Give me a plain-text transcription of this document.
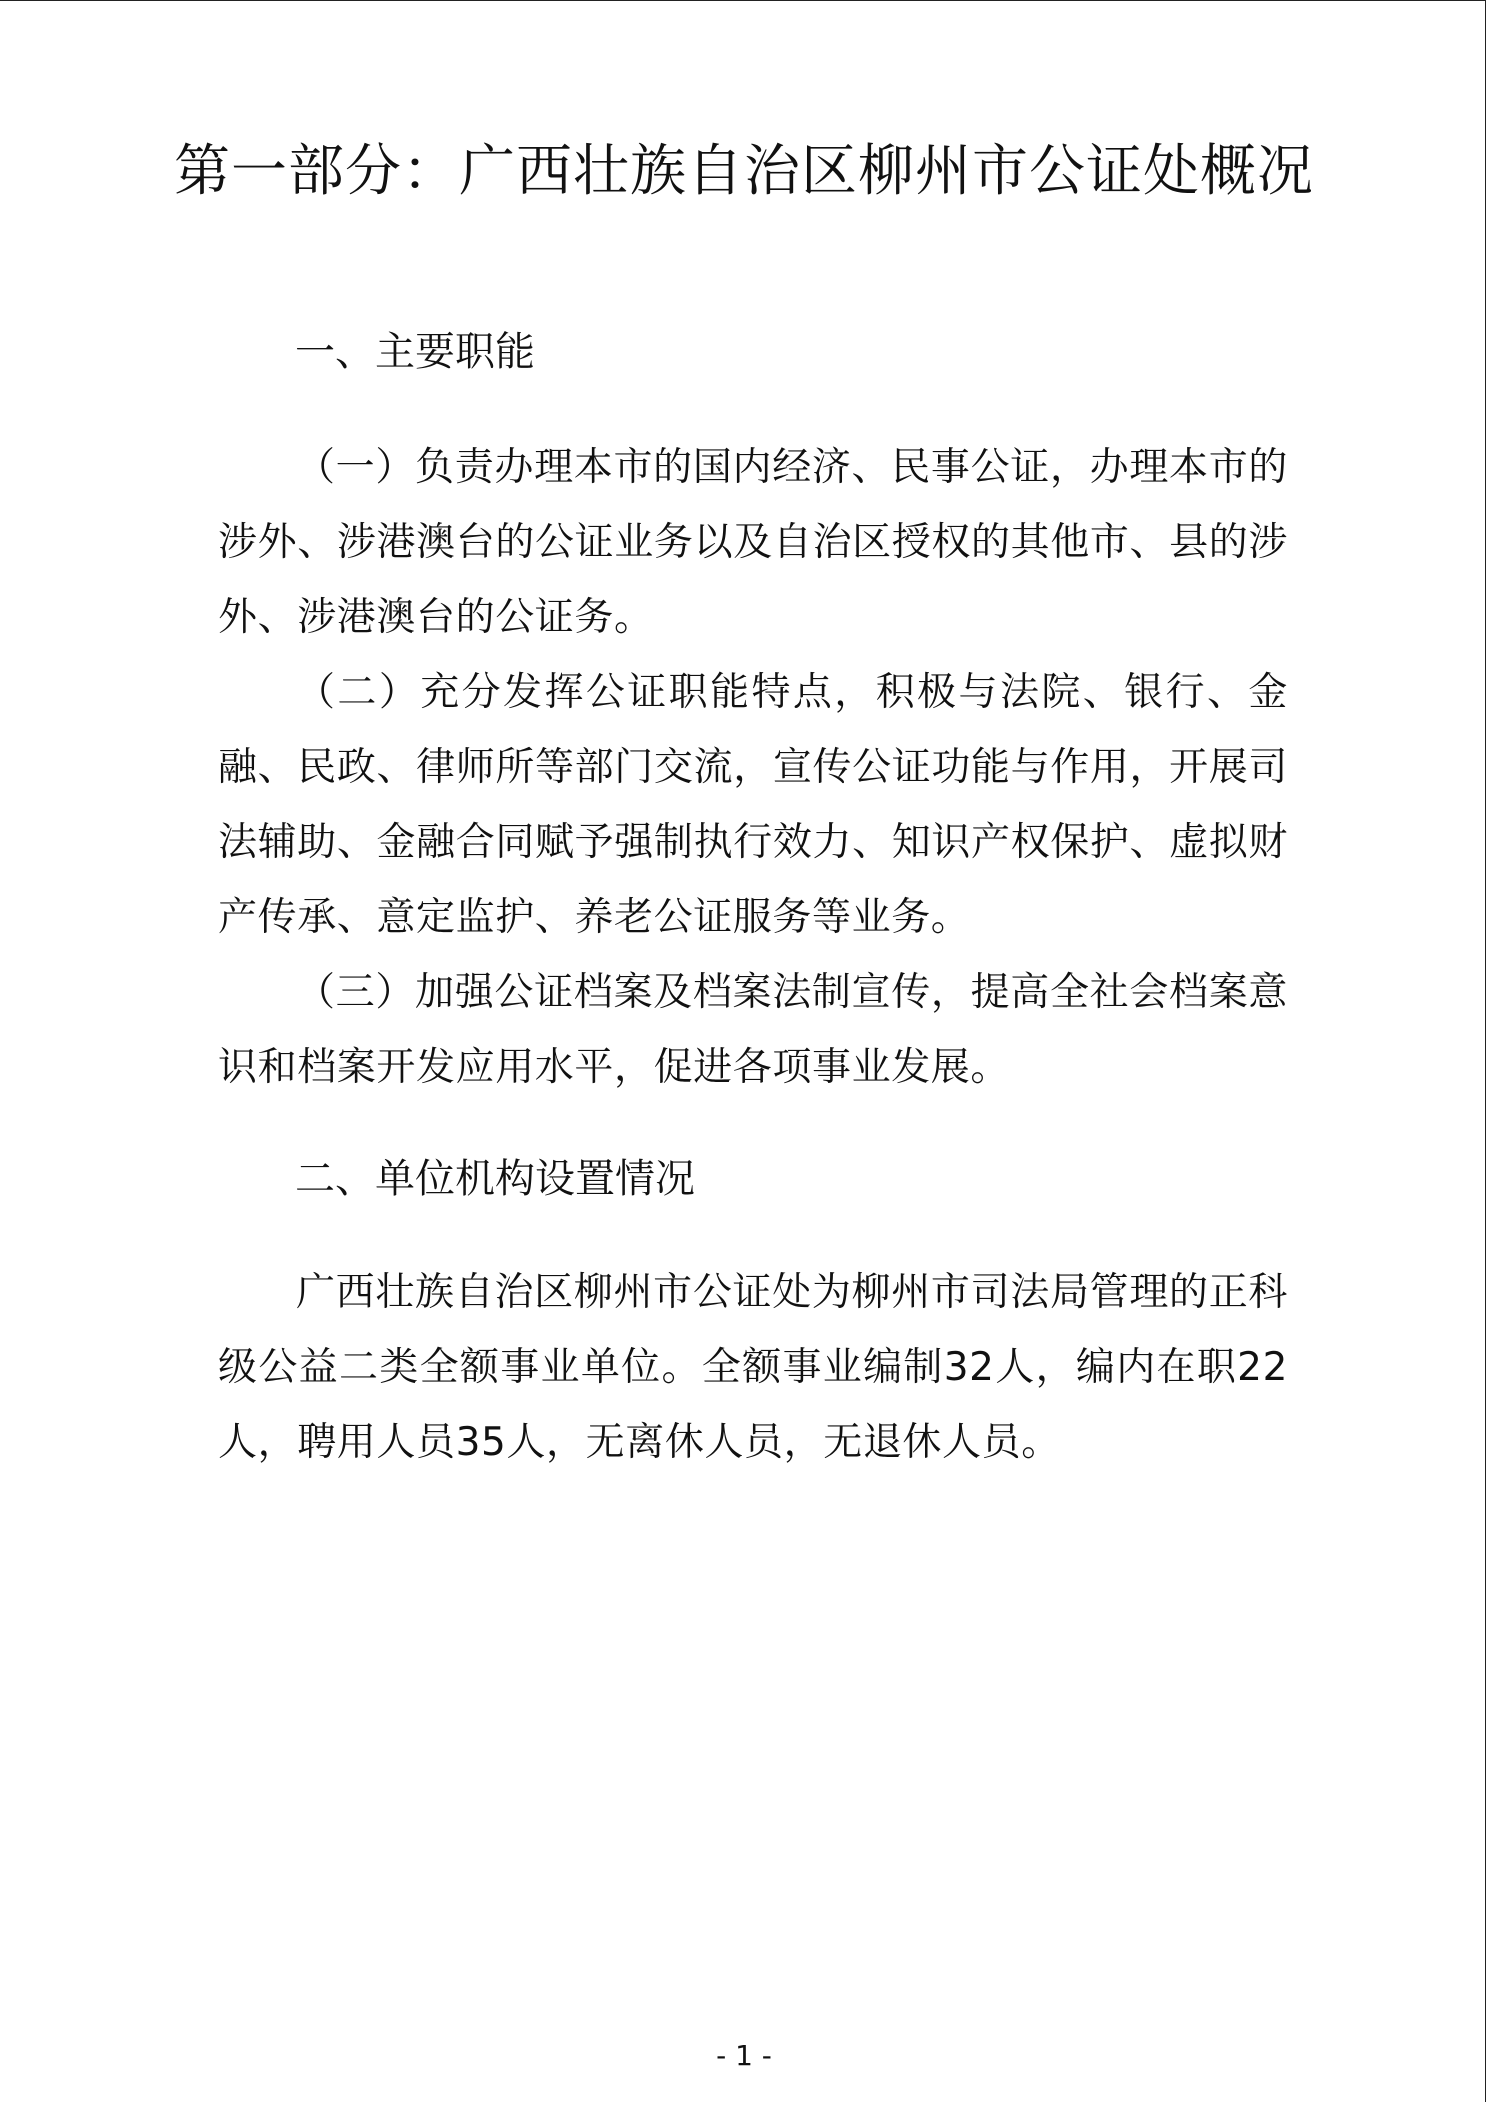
第一部分：广西壮族自治区柳州市公证处概况
一、主要职能
（一）负责办理本市的国内经济、民事公证，办理本市的涉外、涉港澳台的公证业务以及自治区授权的其他市、县的涉外、涉港澳台的公证务。
（二）充分发挥公证职能特点，积极与法院、银行、金融、民政、律师所等部门交流，宣传公证功能与作用，开展司法辅助、金融合同赋予强制执行效力、知识产权保护、虚拟财产传承、意定监护、养老公证服务等业务。
（三）加强公证档案及档案法制宣传，提高全社会档案意识和档案开发应用水平，促进各项事业发展。
二、单位机构设置情况
广西壮族自治区柳州市公证处为柳州市司法局管理的正科级公益二类全额事业单位。全额事业编制32人，编内在职22人，聘用人员35人，无离休人员，无退休人员。
- 1 -
